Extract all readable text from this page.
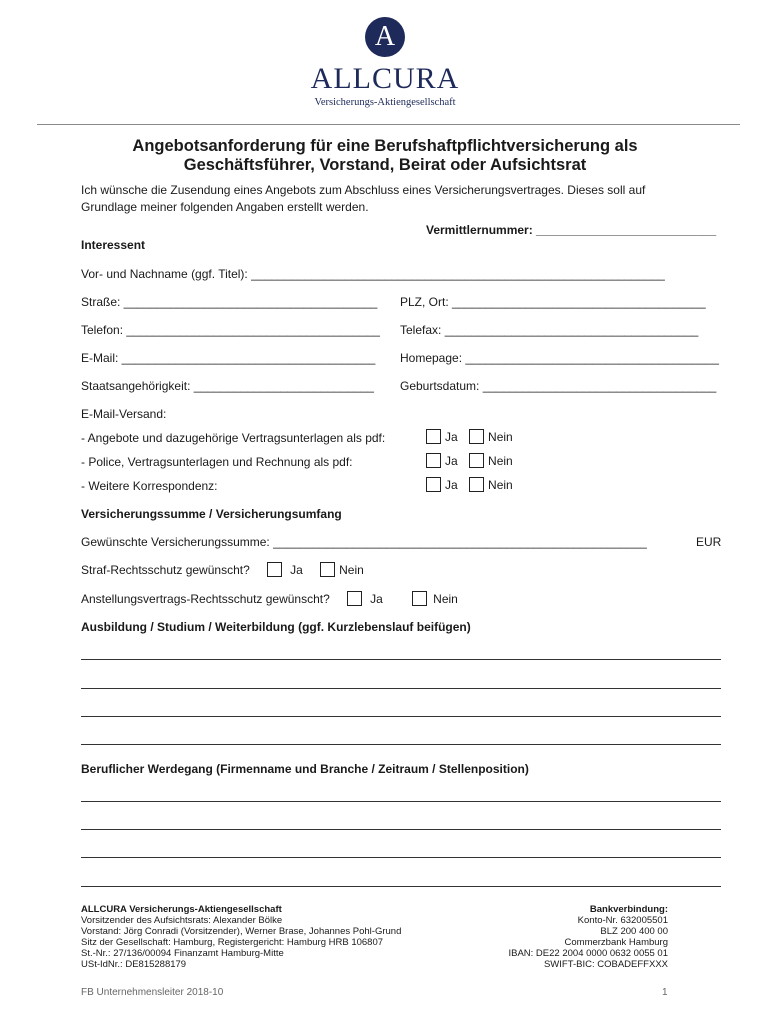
A
ALLCURA
Versicherungs-Aktiengesellschaft
Angebotsanforderung für eine Berufshaftpflichtversicherung als
Geschäftsführer, Vorstand, Beirat oder Aufsichtsrat
Ich wünsche die Zusendung eines Angebots zum Abschluss eines Versicherungsvertrages. Dieses soll auf
Grundlage meiner folgenden Angaben erstellt werden.
Vermittlernummer: ___________________________
Interessent
Vor- und Nachname (ggf. Titel): ______________________________________________________________
Straße: ______________________________________ PLZ, Ort: ______________________________________
Telefon: ______________________________________ Telefax: ______________________________________
E-Mail: ______________________________________ Homepage: ______________________________________
Staatsangehörigkeit: ___________________________ Geburtsdatum: ___________________________________
E-Mail-Versand:
- Angebote und dazugehörige Vertragsunterlagen als pdf:	Ja	Nein
- Police, Vertragsunterlagen und Rechnung als pdf:	Ja	Nein
- Weitere Korrespondenz:	Ja	Nein
Versicherungssumme / Versicherungsumfang
Gewünschte Versicherungssumme: ________________________________________________________	EUR
Straf-Rechtsschutz gewünscht?	Ja	Nein
Anstellungsvertrags-Rechtsschutz gewünscht?	Ja	Nein
Ausbildung / Studium / Weiterbildung (ggf. Kurzlebenslauf beifügen)
Beruflicher Werdegang (Firmenname und Branche / Zeitraum / Stellenposition)
ALLCURA Versicherungs-Aktiengesellschaft
Vorsitzender des Aufsichtsrats: Alexander Bölke
Vorstand: Jörg Conradi (Vorsitzender), Werner Brase, Johannes Pohl-Grund
Sitz der Gesellschaft: Hamburg, Registergericht: Hamburg HRB 106807
St.-Nr.: 27/136/00094 Finanzamt Hamburg-Mitte
USt-IdNr.: DE815288179
Bankverbindung:
Konto-Nr. 632005501
BLZ 200 400 00
Commerzbank Hamburg
IBAN: DE22 2004 0000 0632 0055 01
SWIFT-BIC: COBADEFFXXX
FB Unternehmensleiter 2018-10	1
